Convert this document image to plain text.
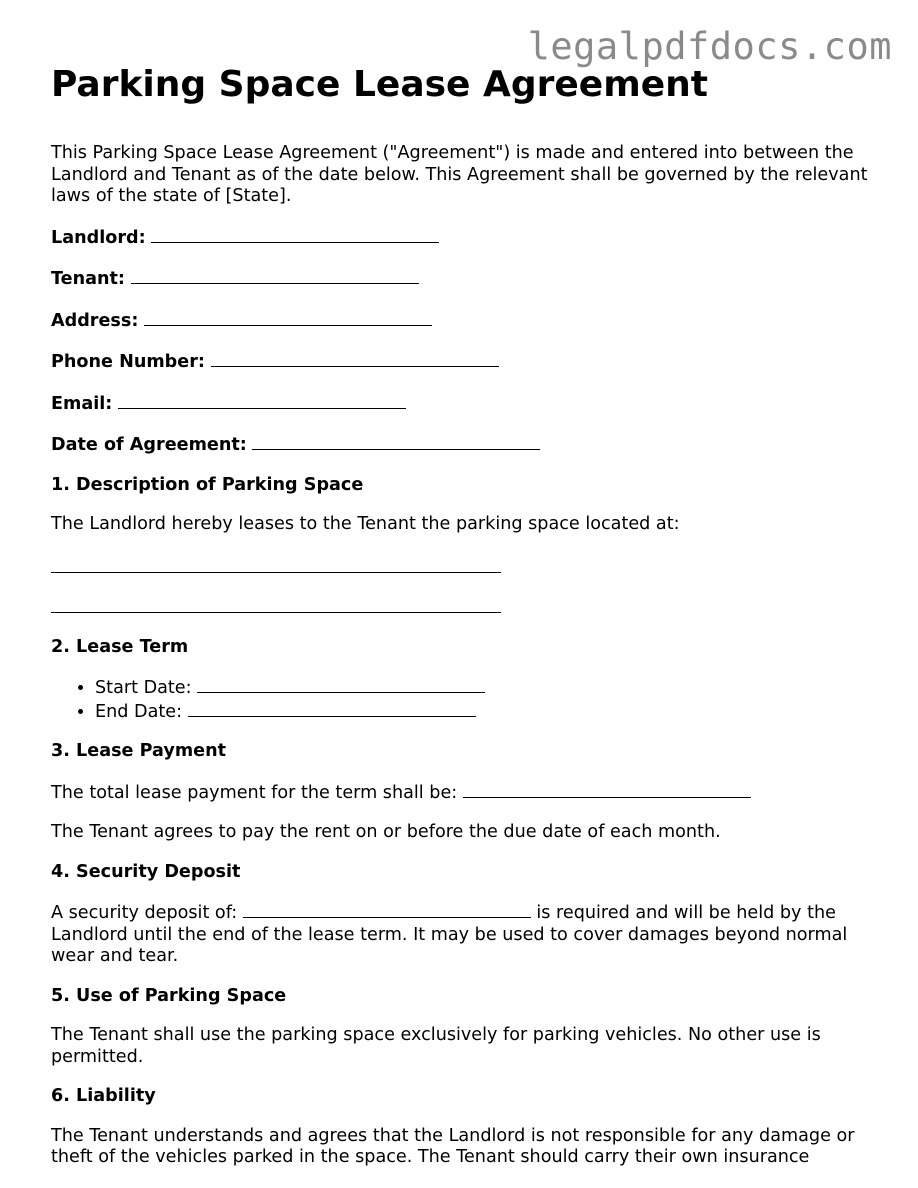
legalpdfdocs.com
Parking Space Lease Agreement

This Parking Space Lease Agreement ("Agreement") is made and entered into between the Landlord and Tenant as of the date below. This Agreement shall be governed by the relevant laws of the state of [State].

Landlord:
Tenant:
Address:
Phone Number:
Email:
Date of Agreement:
1. Description of Parking Space

The Landlord hereby leases to the Tenant the parking space located at:

2. Lease Term
• Start Date:
• End Date:
3. Lease Payment

The total lease payment for the term shall be:

The Tenant agrees to pay the rent on or before the due date of each month.

4. Security Deposit

A security deposit of:	is required and will be held by the Landlord until the end of the lease term. It may be used to cover damages beyond normal wear and tear.

5. Use of Parking Space

The Tenant shall use the parking space exclusively for parking vehicles. No other use is permitted.

6. Liability

The Tenant understands and agrees that the Landlord is not responsible for any damage or theft of the vehicles parked in the space. The Tenant should carry their own insurance
